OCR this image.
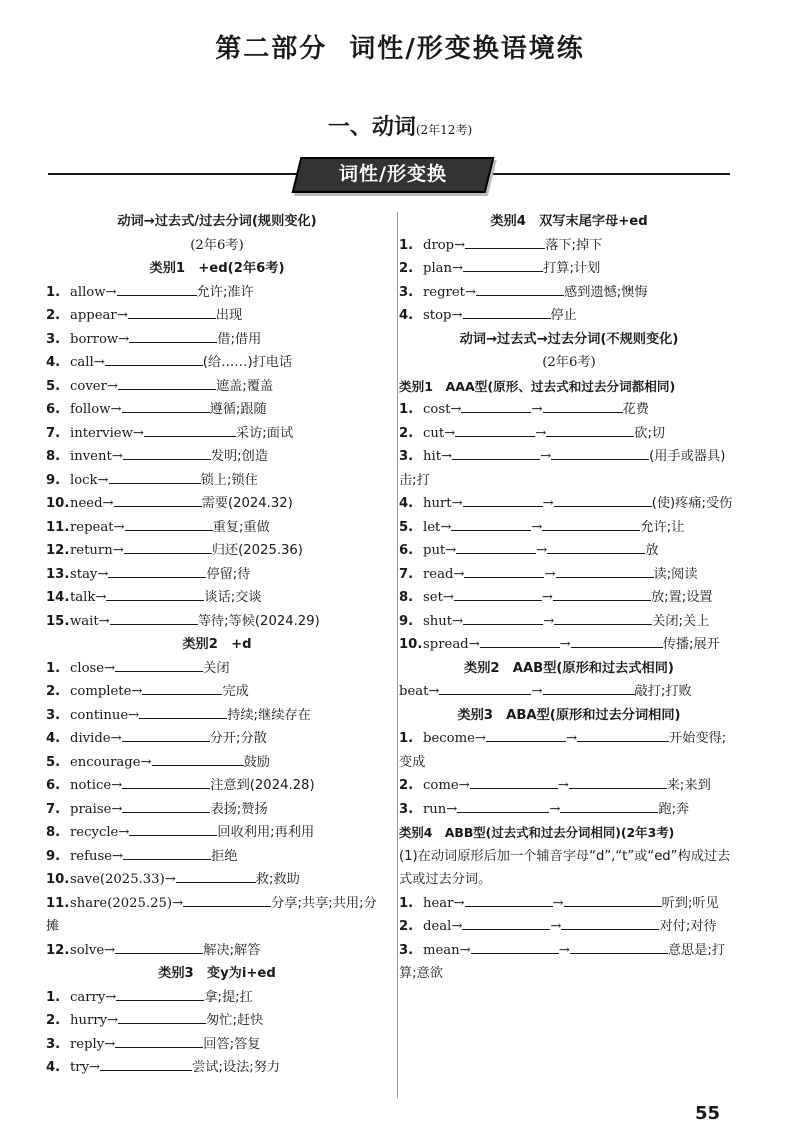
第二部分 词性/形变换语境练
一、动词(2年12考)
词性/形变换
动词→过去式/过去分词(规则变化)
(2年6考)
类别1　+ed(2年6考)
1. allow→	允许;准许
2. appear→	出现
3. borrow→	借;借用
4. call→	(给……)打电话
5. cover→	遮盖;覆盖
6. follow→	遵循;跟随
7. interview→	采访;面试
8. invent→	发明;创造
9. lock→	锁上;锁住
10.need→	需要(2024.32)
11.repeat→	重复;重做
12.return→	归还(2025.36)
13.stay→	停留;待
14.talk→	谈话;交谈
15.wait→	等待;等候(2024.29)
类别2　+d
1. close→	关闭
2. complete→	完成
3. continue→	持续;继续存在
4. divide→	分开;分散
5. encourage→	鼓励
6. notice→	注意到(2024.28)
7. praise→	表扬;赞扬
8. recycle→	回收利用;再利用
9. refuse→	拒绝
10.save(2025.33)→	救;救助
11.share(2025.25)→	分享;共享;共用;分摊
12.solve→	解决;解答
类别3　变y为i+ed
1. carry→	拿;提;扛
2. hurry→	匆忙;赶快
3. reply→	回答;答复
4. try→	尝试;设法;努力
类别4　双写末尾字母+ed
1. drop→	落下;掉下
2. plan→	打算;计划
3. regret→	感到遗憾;懊悔
4. stop→	停止
动词→过去式→过去分词(不规则变化)
(2年6考)
类别1　AAA型(原形、过去式和过去分词都相同)
1. cost→	→	花费
2. cut→	→	砍;切
3. hit→	→	(用手或器具)击;打
4. hurt→	→	(使)疼痛;受伤
5. let→	→	允许;让
6. put→	→	放
7. read→	→	读;阅读
8. set→	→	放;置;设置
9. shut→	→	关闭;关上
10.spread→	→	传播;展开
类别2　AAB型(原形和过去式相同)
beat→	→	敲打;打败
类别3　ABA型(原形和过去分词相同)
1. become→	→	开始变得;变成
2. come→	→	来;来到
3. run→	→	跑;奔
类别4　ABB型(过去式和过去分词相同)(2年3考)
(1)在动词原形后加一个辅音字母“d”,“t”或“ed”构成过去式或过去分词。
1. hear→	→	听到;听见
2. deal→	→	对付;对待
3. mean→	→	意思是;打算;意欲
55
